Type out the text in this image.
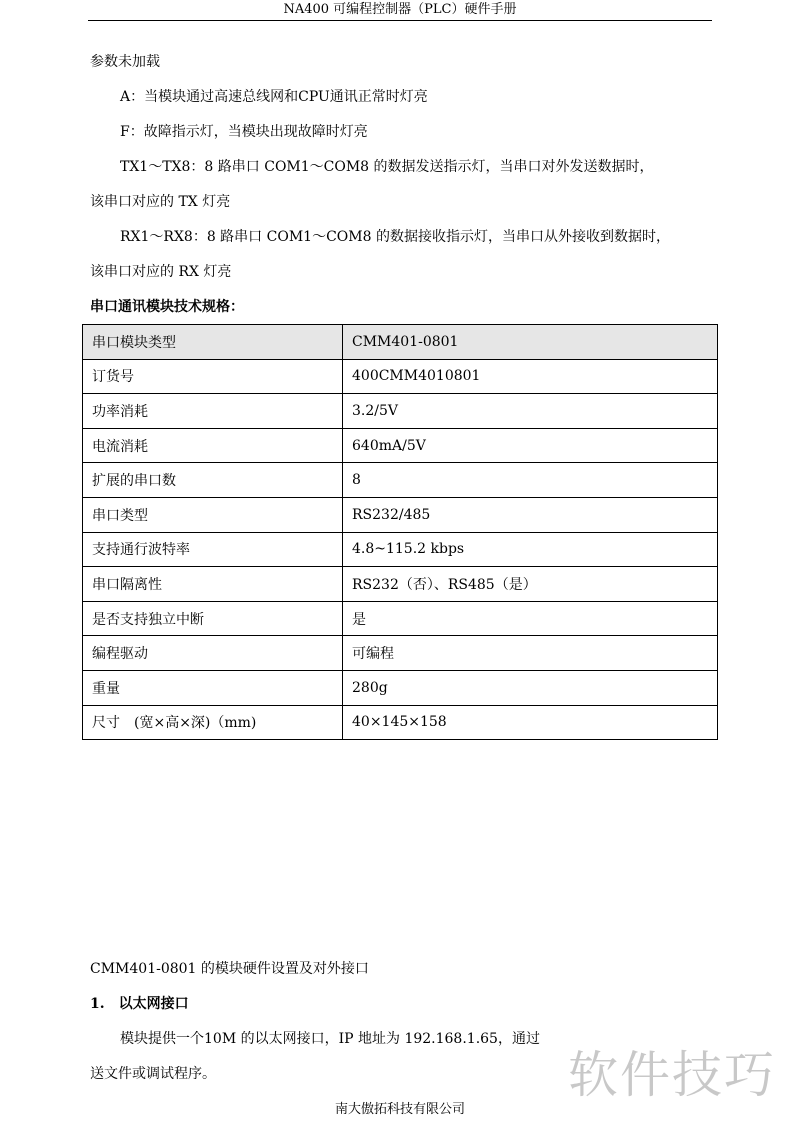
NA400 可编程控制器（PLC）硬件手册
参数未加载
A：当模块通过高速总线网和CPU通讯正常时灯亮
F：故障指示灯，当模块出现故障时灯亮
TX1～TX8：8 路串口 COM1～COM8 的数据发送指示灯，当串口对外发送数据时，
该串口对应的 TX 灯亮
RX1～RX8：8 路串口 COM1～COM8 的数据接收指示灯，当串口从外接收到数据时，
该串口对应的 RX 灯亮
串口通讯模块技术规格：
串口模块类型	CMM401-0801
订货号	400CMM4010801
功率消耗	3.2/5V
电流消耗	640mA/5V
扩展的串口数	8
串口类型	RS232/485
支持通行波特率	4.8~115.2 kbps
串口隔离性	RS232（否）、RS485（是）
是否支持独立中断	是
编程驱动	可编程
重量	280g
尺寸　(宽×高×深)（mm)	40×145×158
CMM401-0801 的模块硬件设置及对外接口
1. 以太网接口
模块提供一个10M 的以太网接口，IP 地址为 192.168.1.65，通过
送文件或调试程序。
南大傲拓科技有限公司
软件技巧
